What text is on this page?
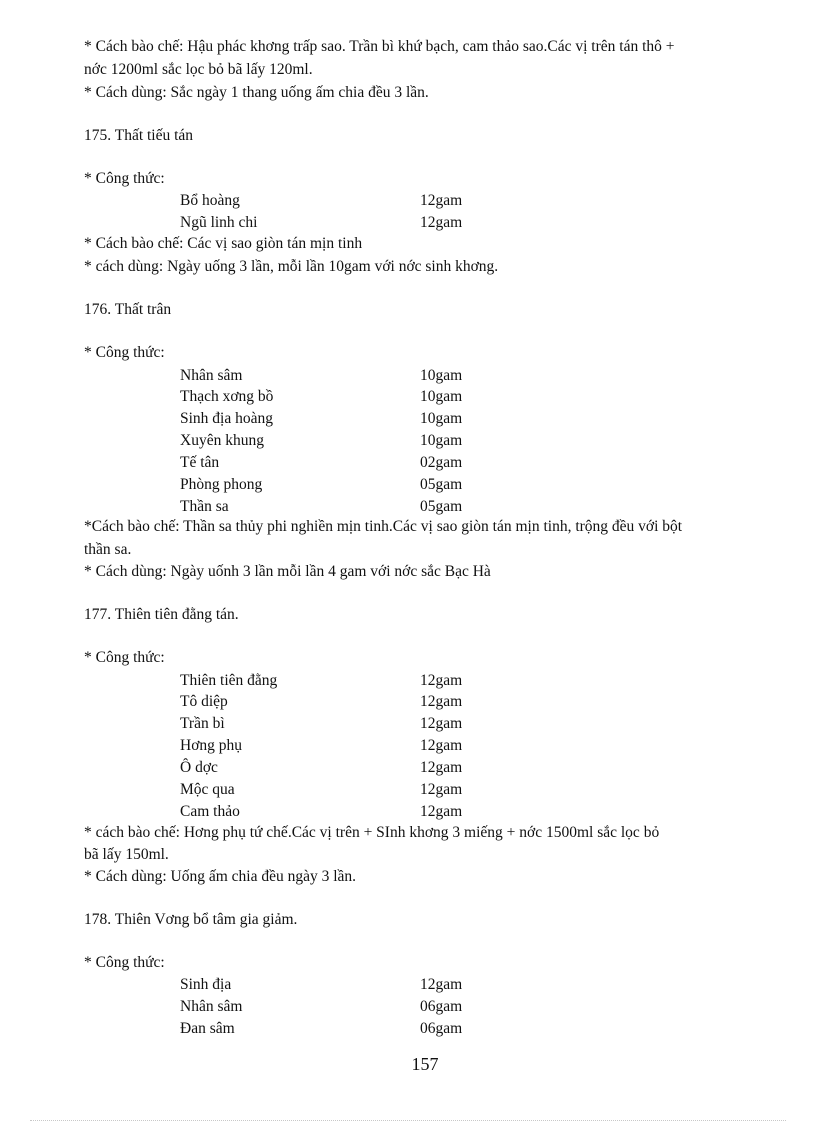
* Cách bào chế: Hậu phác khơng trấp sao. Trần bì khứ bạch, cam thảo sao.Các vị trên tán thô +
nớc 1200ml sắc lọc bỏ bã lấy 120ml.
* Cách dùng: Sắc ngày 1 thang uống ấm chia đều 3 lần.
175. Thất tiếu tán
* Công thức:
Bổ hoàng	12gam
Ngũ linh chi	12gam
* Cách bào chế: Các vị sao giòn tán mịn tinh
* cách dùng: Ngày uống 3 lần, mỗi lần 10gam với nớc sinh khơng.
176. Thất trân
* Công thức:
Nhân sâm	10gam
Thạch xơng bồ	10gam
Sinh địa hoàng	10gam
Xuyên khung	10gam
Tế tân	02gam
Phòng phong	05gam
Thần sa	05gam
*Cách bào chế: Thần sa thủy phi nghiền mịn tinh.Các vị sao giòn tán mịn tinh, trộng đều với bột
thần sa.
* Cách dùng: Ngày uốnh 3 lần mỗi lần 4 gam với nớc sắc Bạc Hà
177. Thiên tiên đằng tán.
* Công thức:
Thiên tiên đằng	12gam
Tô diệp	12gam
Trần bì	12gam
Hơng phụ	12gam
Ô dợc	12gam
Mộc qua	12gam
Cam thảo	12gam
* cách bào chế: Hơng phụ tứ chế.Các vị trên + SInh khơng 3 miếng + nớc 1500ml sắc lọc bỏ
bã lấy 150ml.
* Cách dùng: Uống ấm chia đều ngày 3 lần.
178. Thiên Vơng bổ tâm gia giảm.
* Công thức:
Sinh địa	12gam
Nhân sâm	06gam
Đan sâm	06gam
157
